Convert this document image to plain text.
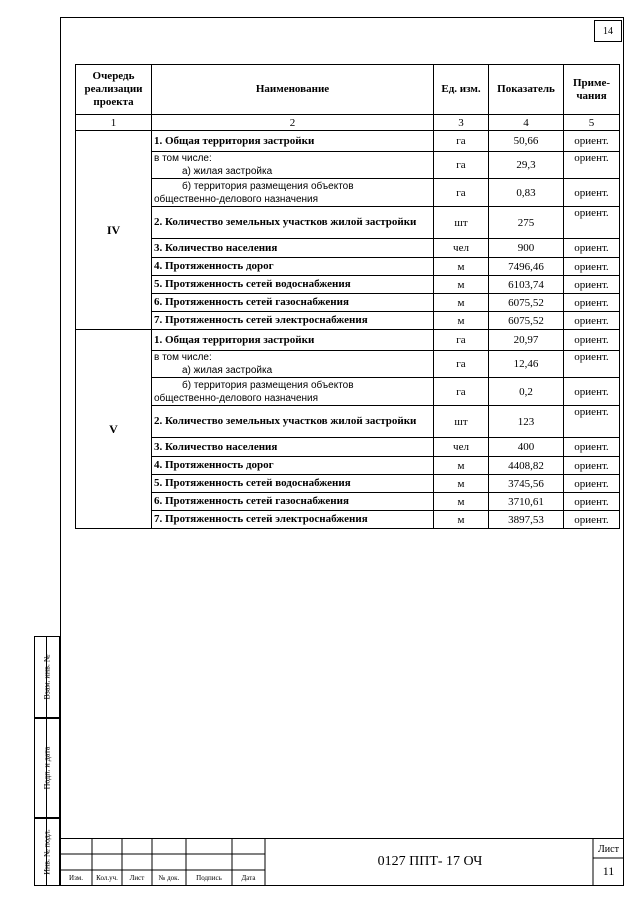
14
Очередь реализации проекта	Наименование	Ед. изм.	Показатель	Приме-чания
1	2	3	4	5
IV	1. Общая территория застройки	га	50,66	ориент.

	в том числе:
а) жилая застройка	га	29,3	ориент.

	б) территория размещения объектов
общественно-делового назначения	га	0,83	ориент.
	2. Количество земельных участков жилой застройки	шт	275	ориент.
	3. Количество населения	чел	900	ориент.
	4. Протяженность дорог	м	7496,46	ориент.
	5. Протяженность сетей водоснабжения	м	6103,74	ориент.
	6. Протяженность сетей газоснабжения	м	6075,52	ориент.
	7. Протяженность сетей электроснабжения	м	6075,52	ориент.
V	1. Общая территория застройки	га	20,97	ориент.

	в том числе:
а) жилая застройка	га	12,46	ориент.

	б) территория размещения объектов
общественно-делового назначения	га	0,2	ориент.
	2. Количество земельных участков жилой застройки	шт	123	ориент.
	3. Количество населения	чел	400	ориент.
	4. Протяженность дорог	м	4408,82	ориент.
	5. Протяженность сетей водоснабжения	м	3745,56	ориент.
	6. Протяженность сетей газоснабжения	м	3710,61	ориент.
	7. Протяженность сетей электроснабжения	м	3897,53	ориент.
Взам. инв. №
Подп. и дата
Инв. № подл.
Изм.	Кол.уч.	Лист	№ док.	Подпись	Дата
0127 ППТ- 17 ОЧ
Лист
11
